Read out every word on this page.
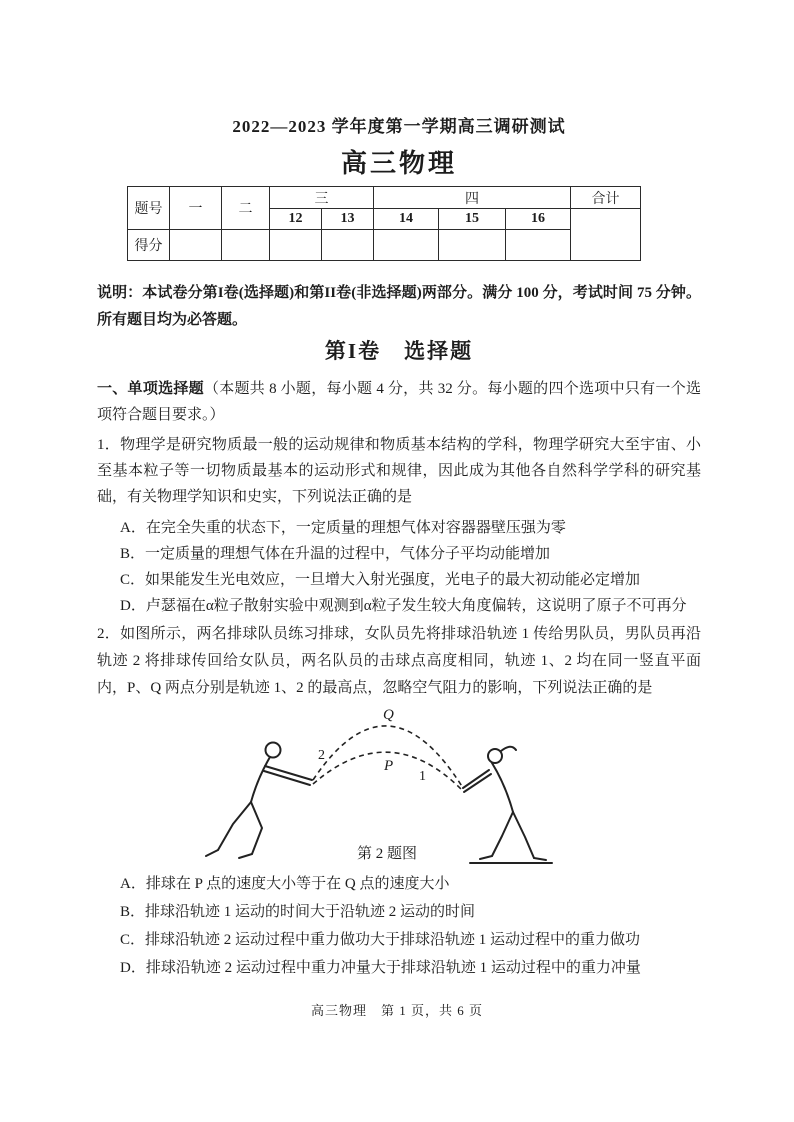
2022—2023 学年度第一学期高三调研测试

高三物理

题号	一	二	三		四			合计
			12	13	14	15	16	
得分								

说明：本试卷分第I卷(选择题)和第II卷(非选择题)两部分。满分 100 分，考试时间 75 分钟。所有题目均为必答题。

第I卷　选择题

一、单项选择题（本题共 8 小题，每小题 4 分，共 32 分。每小题的四个选项中只有一个选项符合题目要求。）

1．物理学是研究物质最一般的运动规律和物质基本结构的学科，物理学研究大至宇宙、小至基本粒子等一切物质最基本的运动形式和规律，因此成为其他各自然科学学科的研究基础，有关物理学知识和史实，下列说法正确的是

A．在完全失重的状态下，一定质量的理想气体对容器器壁压强为零
B．一定质量的理想气体在升温的过程中，气体分子平均动能增加
C．如果能发生光电效应，一旦增大入射光强度，光电子的最大初动能必定增加
D．卢瑟福在α粒子散射实验中观测到α粒子发生较大角度偏转，这说明了原子不可再分

2．如图所示，两名排球队员练习排球，女队员先将排球沿轨迹 1 传给男队员，男队员再沿轨迹 2 将排球传回给女队员，两名队员的击球点高度相同，轨迹 1、2 均在同一竖直平面内，P、Q 两点分别是轨迹 1、2 的最高点，忽略空气阻力的影响，下列说法正确的是

Q
P
2
1
第 2 题图
A．排球在 P 点的速度大小等于在 Q 点的速度大小
B．排球沿轨迹 1 运动的时间大于沿轨迹 2 运动的时间
C．排球沿轨迹 2 运动过程中重力做功大于排球沿轨迹 1 运动过程中的重力做功
D．排球沿轨迹 2 运动过程中重力冲量大于排球沿轨迹 1 运动过程中的重力冲量
高三物理　第 1 页，共 6 页
